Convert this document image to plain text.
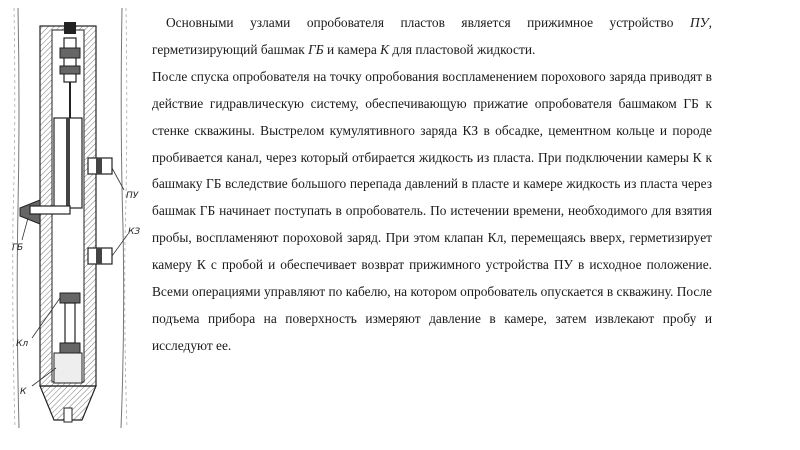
ПУ
КЗ
ГБ
Кл
К

Основными узлами опробователя пластов является прижимное устройство ПУ, герметизирующий башмак ГБ и камера К для пластовой жидкости.

После спуска опробователя на точку опробования воспламенением порохового заряда приводят в действие гидравлическую систему, обеспечивающую прижатие опробователя башмаком ГБ к стенке скважины. Выстрелом кумулятивного заряда КЗ в обсадке, цементном кольце и породе пробивается канал, через который отбирается жидкость из пласта. При подключении камеры К к башмаку ГБ вследствие большого перепада давлений в пласте и камере жидкость из пласта через башмак ГБ начинает поступать в опробователь. По истечении времени, необходимого для взятия пробы, воспламеняют пороховой заряд. При этом клапан Кл, перемещаясь вверх, герметизирует камеру К с пробой и обеспечивает возврат прижимного устройства ПУ в исходное положение. Всеми операциями управляют по кабелю, на котором опробователь опускается в скважину. После подъема прибора на поверхность измеряют давление в камере, затем извлекают пробу и исследуют ее.
